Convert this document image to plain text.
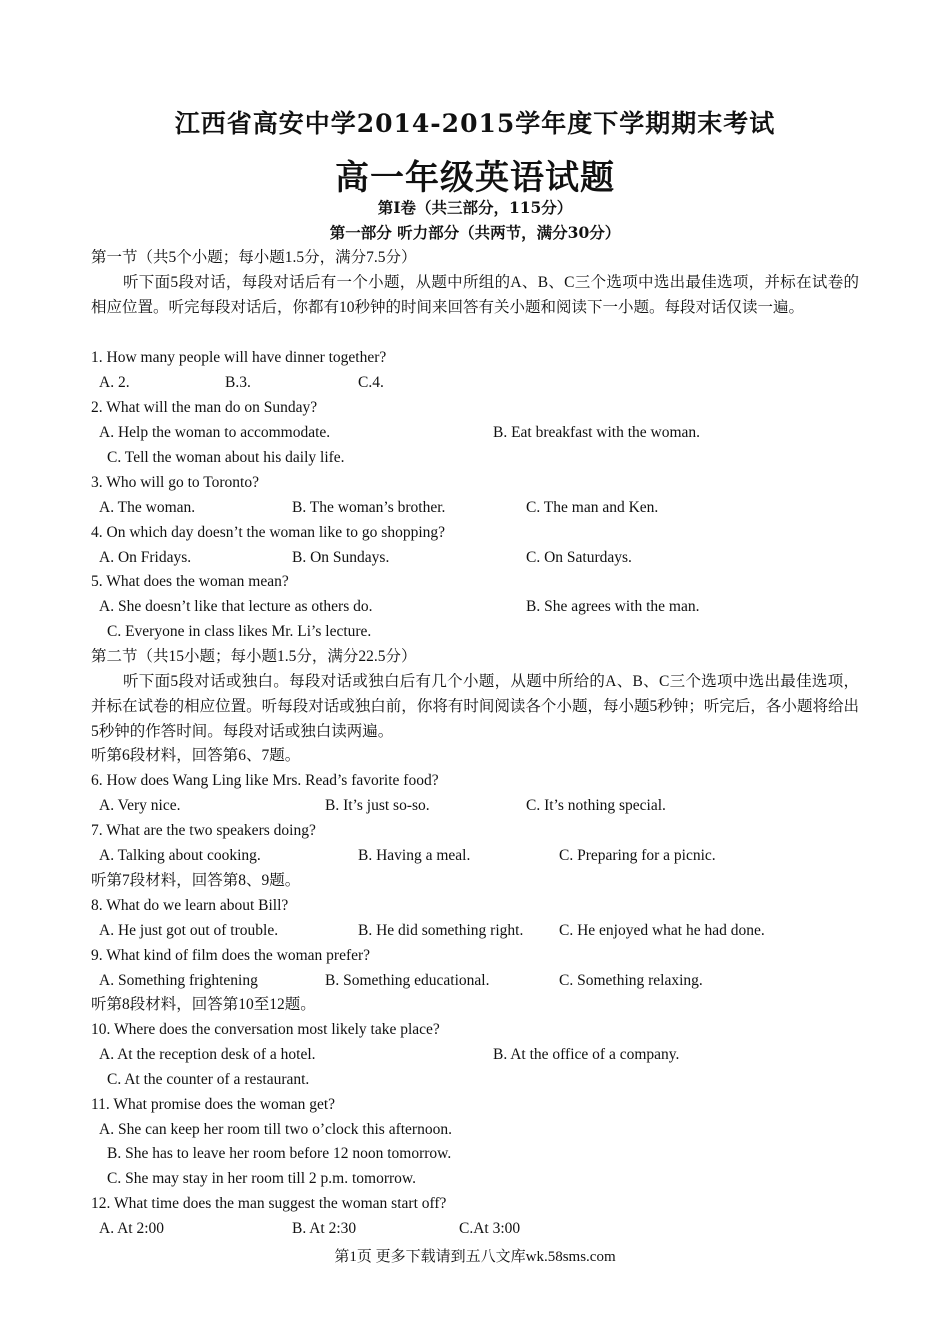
江西省高安中学2014-2015学年度下学期期末考试
高一年级英语试题
第I卷（共三部分，115分）
第一部分 听力部分（共两节，满分30分）
第一节（共5个小题；每小题1.5分，满分7.5分）
听下面5段对话，每段对话后有一个小题，从题中所组的A、B、C三个选项中选出最佳选项，并标在试卷的相应位置。听完每段对话后，你都有10秒钟的时间来回答有关小题和阅读下一小题。每段对话仅读一遍。
1. How many people will have dinner together?
A. 2.	B.3.	C.4.
2. What will the man do on Sunday?
A. Help the woman to accommodate.	B. Eat breakfast with the woman.
C. Tell the woman about his daily life.
3. Who will go to Toronto?
A. The woman.	B. The woman’s brother.	C. The man and Ken.
4. On which day doesn’t the woman like to go shopping?
A. On Fridays.	B. On Sundays.	C. On Saturdays.
5. What does the woman mean?
A. She doesn’t like that lecture as others do.	B. She agrees with the man.
C. Everyone in class likes Mr. Li’s lecture.
第二节（共15小题；每小题1.5分，满分22.5分）
听下面5段对话或独白。每段对话或独白后有几个小题，从题中所给的A、B、C三个选项中选出最佳选项，并标在试卷的相应位置。听每段对话或独白前，你将有时间阅读各个小题，每小题5秒钟；听完后，各小题将给出5秒钟的作答时间。每段对话或独白读两遍。
听第6段材料，回答第6、7题。
6. How does Wang Ling like Mrs. Read’s favorite food?
A. Very nice.	B. It’s just so-so.	C. It’s nothing special.
7. What are the two speakers doing?
A. Talking about cooking.	B. Having a meal.	C. Preparing for a picnic.
听第7段材料，回答第8、9题。
8. What do we learn about Bill?
A. He just got out of trouble.	B. He did something right. C. He enjoyed what he had done.
9. What kind of film does the woman prefer?
A. Something frightening	B. Something educational.	C. Something relaxing.
听第8段材料，回答第10至12题。
10. Where does the conversation most likely take place?
A. At the reception desk of a hotel.	B. At the office of a company.
C. At the counter of a restaurant.
11. What promise does the woman get?
A. She can keep her room till two o’clock this afternoon.
B. She has to leave her room before 12 noon tomorrow.
C. She may stay in her room till 2 p.m. tomorrow.
12. What time does the man suggest the woman start off?
A. At 2:00	B. At 2:30	C.At 3:00
第1页 更多下载请到五八文库wk.58sms.com
